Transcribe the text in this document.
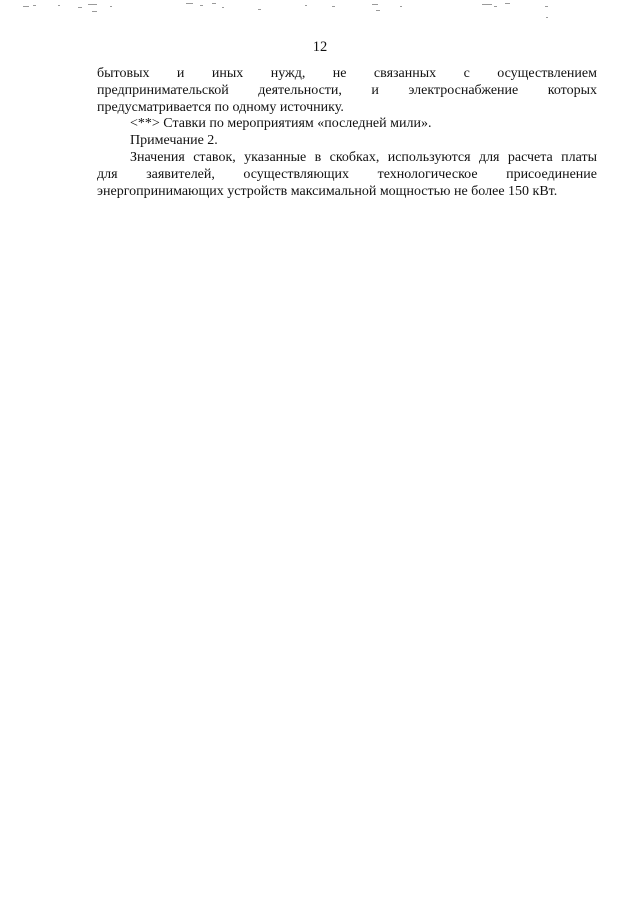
12

бытовых и иных нужд, не связанных с осуществлением
предпринимательской деятельности, и электроснабжение которых
предусматривается по одному источнику.

<**> Ставки по мероприятиям «последней мили».

Примечание 2.

Значения ставок, указанные в скобках, используются для расчета платы
для заявителей, осуществляющих технологическое присоединение
энергопринимающих устройств максимальной мощностью не более 150 кВт.
